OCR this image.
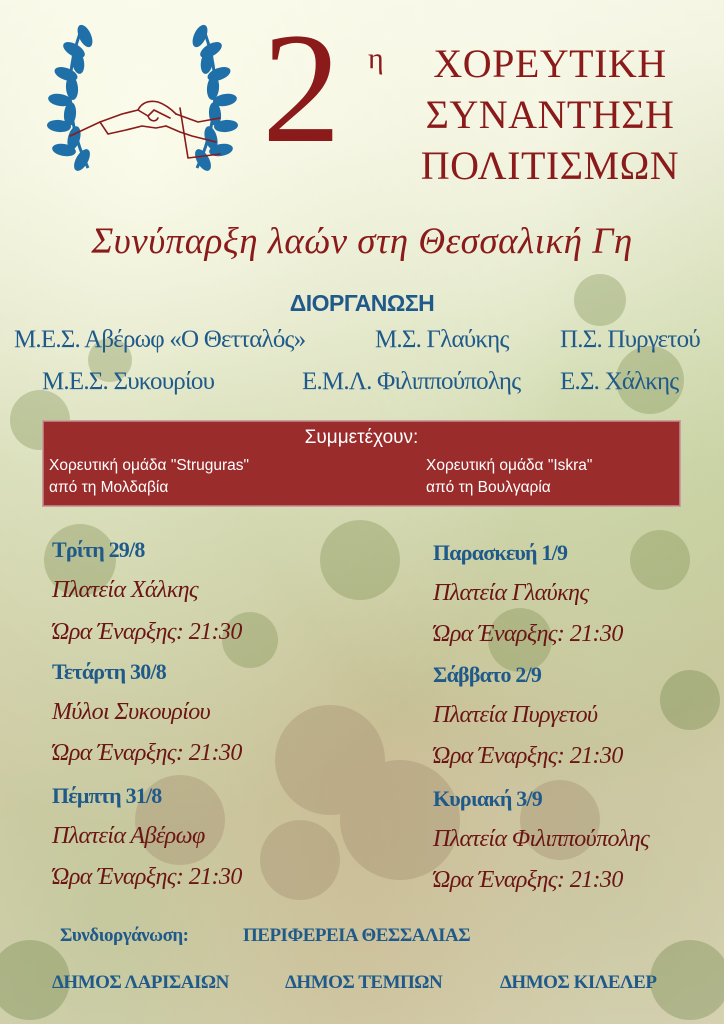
2 η	ΧΟΡΕΥΤΙΚΗ
ΣΥΝΑΝΤΗΣΗ
ΠΟΛΙΤΙΣΜΩΝ
Συνύπαρξη λαών στη Θεσσαλική Γη
ΔΙΟΡΓΑΝΩΣΗ
Μ.Ε.Σ. Αβέρωφ «Ο Θετταλός»	Μ.Σ. Γλαύκης Π.Σ. Πυργετού
Μ.Ε.Σ. Συκουρίου	Ε.Μ.Λ. Φιλιππούπολης Ε.Σ. Χάλκης
Συμμετέχουν:
Χορευτική ομάδα "Struguras"
από τη Μολδαβία
Χορευτική ομάδα "Iskra"
από τη Βουλγαρία
Τρίτη 29/8
Πλατεία Χάλκης
Ώρα Έναρξης: 21:30
Τετάρτη 30/8
Μύλοι Συκουρίου
Ώρα Έναρξης: 21:30
Πέμπτη 31/8
Πλατεία Αβέρωφ
Ώρα Έναρξης: 21:30
Παρασκευή 1/9
Πλατεία Γλαύκης
Ώρα Έναρξης: 21:30
Σάββατο 2/9
Πλατεία Πυργετού
Ώρα Έναρξης: 21:30
Κυριακή 3/9
Πλατεία Φιλιππούπολης
Ώρα Έναρξης: 21:30
Συνδιοργάνωση:	ΠΕΡΙΦΕΡΕΙΑ ΘΕΣΣΑΛΙΑΣ
ΔΗΜΟΣ ΛΑΡΙΣΑΙΩΝ	ΔΗΜΟΣ ΤΕΜΠΩΝ	ΔΗΜΟΣ ΚΙΛΕΛΕΡ
